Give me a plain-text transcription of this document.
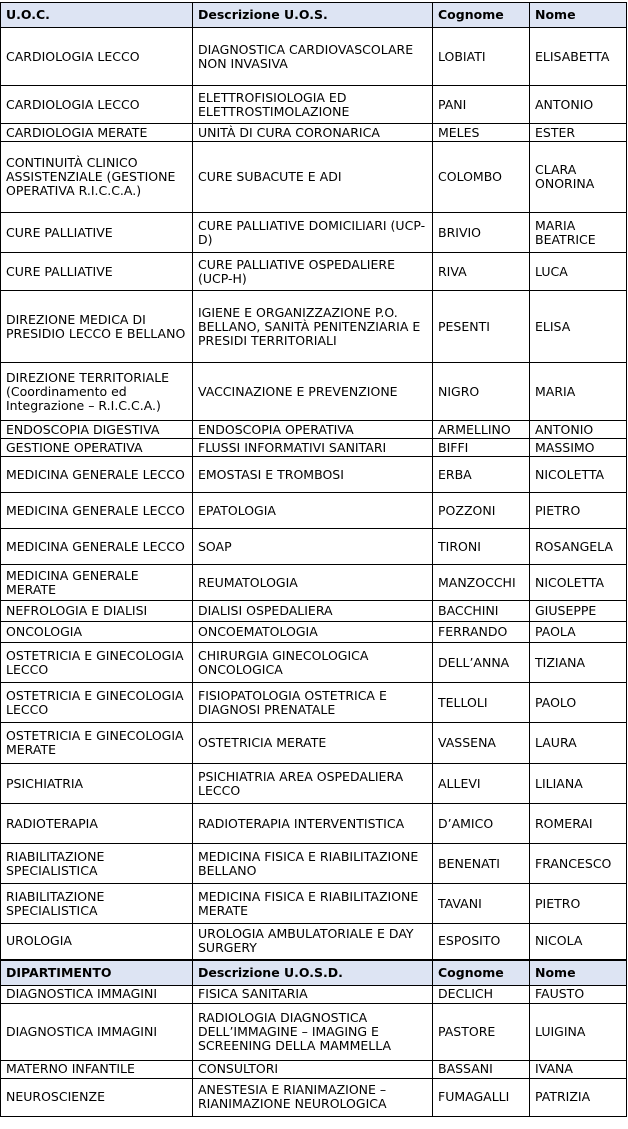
U.O.C.	Descrizione U.O.S.	Cognome	Nome
CARDIOLOGIA LECCO	DIAGNOSTICA CARDIOVASCOLARE NON INVASIVA	LOBIATI	ELISABETTA
CARDIOLOGIA LECCO	ELETTROFISIOLOGIA ED ELETTROSTIMOLAZIONE	PANI	ANTONIO
CARDIOLOGIA MERATE	UNITÀ DI CURA CORONARICA	MELES	ESTER
CONTINUITÀ CLINICO ASSISTENZIALE (GESTIONE OPERATIVA R.I.C.C.A.)	CURE SUBACUTE E ADI	COLOMBO	CLARA ONORINA
CURE PALLIATIVE	CURE PALLIATIVE DOMICILIARI (UCP-D)	BRIVIO	MARIA BEATRICE
CURE PALLIATIVE	CURE PALLIATIVE OSPEDALIERE (UCP-H)	RIVA	LUCA
DIREZIONE MEDICA DI PRESIDIO LECCO E BELLANO	IGIENE E ORGANIZZAZIONE P.O. BELLANO, SANITÀ PENITENZIARIA E PRESIDI TERRITORIALI	PESENTI	ELISA
DIREZIONE TERRITORIALE (Coordinamento ed Integrazione – R.I.C.C.A.)	VACCINAZIONE E PREVENZIONE	NIGRO	MARIA
ENDOSCOPIA DIGESTIVA	ENDOSCOPIA OPERATIVA	ARMELLINO	ANTONIO
GESTIONE OPERATIVA	FLUSSI INFORMATIVI SANITARI	BIFFI	MASSIMO
MEDICINA GENERALE LECCO	EMOSTASI E TROMBOSI	ERBA	NICOLETTA
MEDICINA GENERALE LECCO	EPATOLOGIA	POZZONI	PIETRO
MEDICINA GENERALE LECCO	SOAP	TIRONI	ROSANGELA
MEDICINA GENERALE MERATE	REUMATOLOGIA	MANZOCCHI	NICOLETTA
NEFROLOGIA E DIALISI	DIALISI OSPEDALIERA	BACCHINI	GIUSEPPE
ONCOLOGIA	ONCOEMATOLOGIA	FERRANDO	PAOLA
OSTETRICIA E GINECOLOGIA LECCO	CHIRURGIA GINECOLOGICA ONCOLOGICA	DELL’ANNA	TIZIANA
OSTETRICIA E GINECOLOGIA LECCO	FISIOPATOLOGIA OSTETRICA E DIAGNOSI PRENATALE	TELLOLI	PAOLO
OSTETRICIA E GINECOLOGIA MERATE	OSTETRICIA MERATE	VASSENA	LAURA
PSICHIATRIA	PSICHIATRIA AREA OSPEDALIERA LECCO	ALLEVI	LILIANA
RADIOTERAPIA	RADIOTERAPIA INTERVENTISTICA	D’AMICO	ROMERAI
RIABILITAZIONE SPECIALISTICA	MEDICINA FISICA E RIABILITAZIONE BELLANO	BENENATI	FRANCESCO
RIABILITAZIONE SPECIALISTICA	MEDICINA FISICA E RIABILITAZIONE MERATE	TAVANI	PIETRO
UROLOGIA	UROLOGIA AMBULATORIALE E DAY SURGERY	ESPOSITO	NICOLA
DIPARTIMENTO	Descrizione U.O.S.D.	Cognome	Nome
DIAGNOSTICA IMMAGINI	FISICA SANITARIA	DECLICH	FAUSTO
DIAGNOSTICA IMMAGINI	RADIOLOGIA DIAGNOSTICA DELL’IMMAGINE – IMAGING E SCREENING DELLA MAMMELLA	PASTORE	LUIGINA
MATERNO INFANTILE	CONSULTORI	BASSANI	IVANA
NEUROSCIENZE	ANESTESIA E RIANIMAZIONE – RIANIMAZIONE NEUROLOGICA	FUMAGALLI	PATRIZIA
